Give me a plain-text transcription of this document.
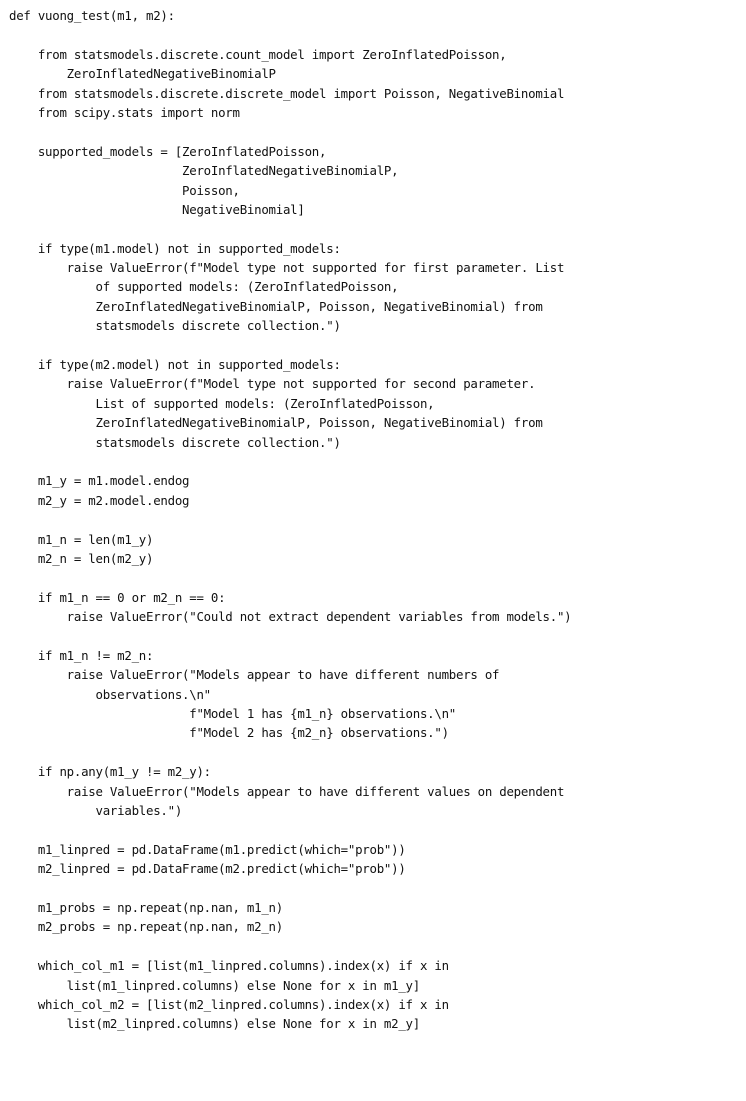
def vuong_test(m1, m2):
from statsmodels.discrete.count_model import ZeroInflatedPoisson,
ZeroInflatedNegativeBinomialP
from statsmodels.discrete.discrete_model import Poisson, NegativeBinomial
from scipy.stats import norm
supported_models = [ZeroInflatedPoisson,
ZeroInflatedNegativeBinomialP,
Poisson,
NegativeBinomial]
if type(m1.model) not in supported_models:
raise ValueError(f"Model type not supported for first parameter. List
of supported models: (ZeroInflatedPoisson,
ZeroInflatedNegativeBinomialP, Poisson, NegativeBinomial) from
statsmodels discrete collection.")
if type(m2.model) not in supported_models:
raise ValueError(f"Model type not supported for second parameter.
List of supported models: (ZeroInflatedPoisson,
ZeroInflatedNegativeBinomialP, Poisson, NegativeBinomial) from
statsmodels discrete collection.")
m1_y = m1.model.endog
m2_y = m2.model.endog
m1_n = len(m1_y)
m2_n = len(m2_y)
if m1_n == 0 or m2_n == 0:
raise ValueError("Could not extract dependent variables from models.")
if m1_n != m2_n:
raise ValueError("Models appear to have different numbers of
observations.\n"
f"Model 1 has {m1_n} observations.\n"
f"Model 2 has {m2_n} observations.")
if np.any(m1_y != m2_y):
raise ValueError("Models appear to have different values on dependent
variables.")
m1_linpred = pd.DataFrame(m1.predict(which="prob"))
m2_linpred = pd.DataFrame(m2.predict(which="prob"))
m1_probs = np.repeat(np.nan, m1_n)
m2_probs = np.repeat(np.nan, m2_n)
which_col_m1 = [list(m1_linpred.columns).index(x) if x in
list(m1_linpred.columns) else None for x in m1_y]
which_col_m2 = [list(m2_linpred.columns).index(x) if x in
list(m2_linpred.columns) else None for x in m2_y]
